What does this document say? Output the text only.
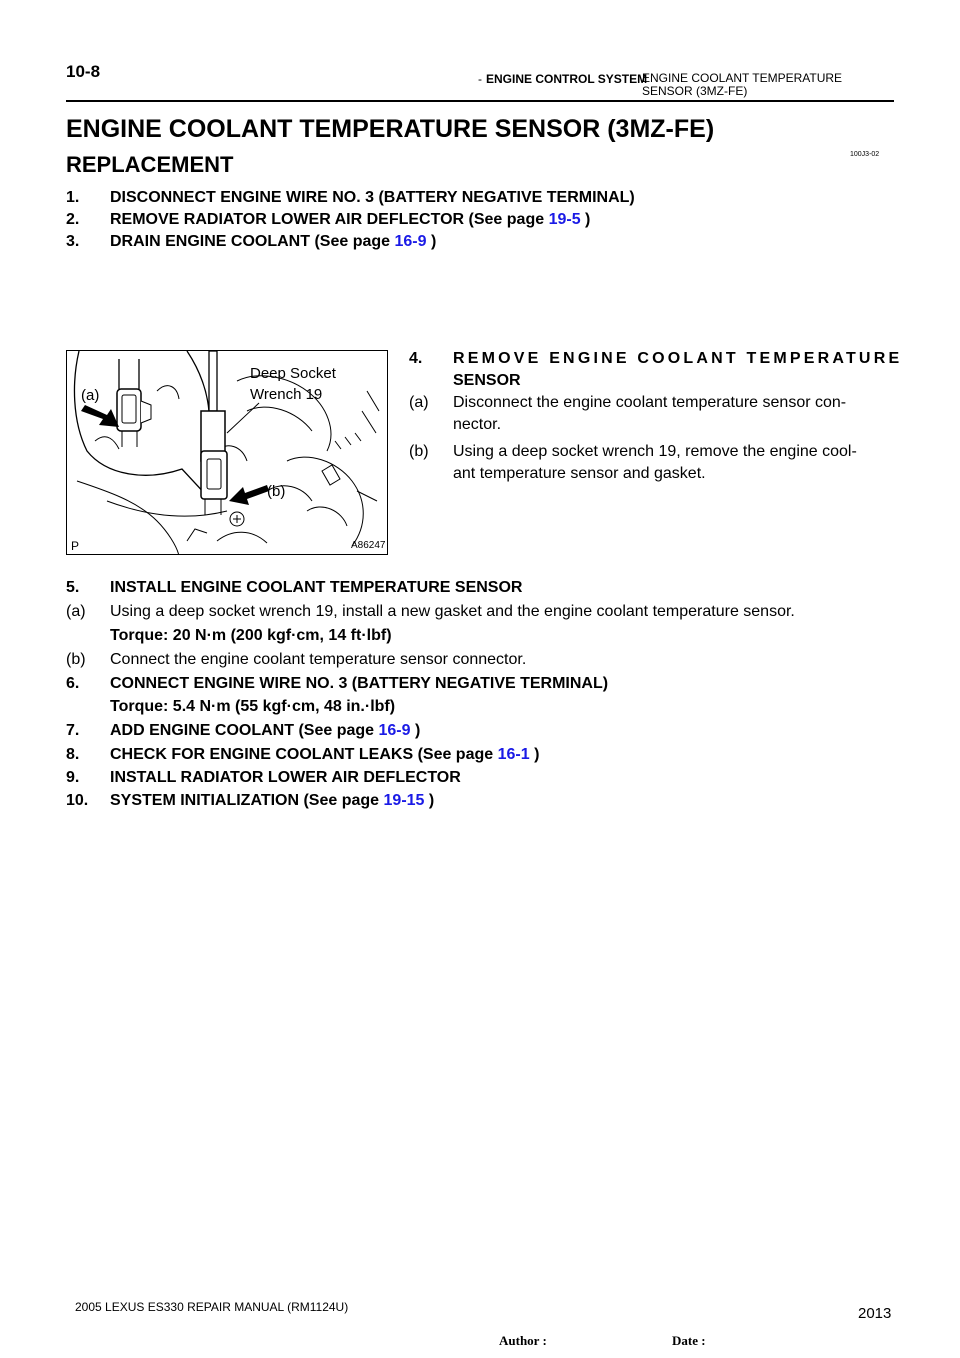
10-8	- ENGINE CONTROL SYSTEM
ENGINE COOLANT TEMPERATURE
SENSOR (3MZ-FE)
ENGINE COOLANT TEMPERATURE SENSOR (3MZ-FE)
100J3-02
REPLACEMENT
1. DISCONNECT ENGINE WIRE NO. 3 (BATTERY NEGATIVE TERMINAL)
2. REMOVE RADIATOR LOWER AIR DEFLECTOR (See page 19-5 )
3. DRAIN ENGINE COOLANT (See page 16-9 )
Deep Socket
Wrench 19
(a)
(b)
P	A86247
4. REMOVE ENGINE COOLANT TEMPERATURE
SENSOR
(a) Disconnect the engine coolant temperature sensor con-
nector.
(b) Using a deep socket wrench 19, remove the engine cool-
ant temperature sensor and gasket.
5. INSTALL ENGINE COOLANT TEMPERATURE SENSOR
(a) Using a deep socket wrench 19, install a new gasket and the engine coolant temperature sensor.
Torque: 20 N·m (200 kgf·cm, 14 ft·lbf)
(b) Connect the engine coolant temperature sensor connector.
6. CONNECT ENGINE WIRE NO. 3 (BATTERY NEGATIVE TERMINAL)
Torque: 5.4 N·m (55 kgf·cm, 48 in.·lbf)
7. ADD ENGINE COOLANT (See page 16-9 )
8. CHECK FOR ENGINE COOLANT LEAKS (See page 16-1 )
9. INSTALL RADIATOR LOWER AIR DEFLECTOR
10. SYSTEM INITIALIZATION (See page 19-15 )
2005 LEXUS ES330 REPAIR MANUAL (RM1124U)	2013
Author :	Date :
